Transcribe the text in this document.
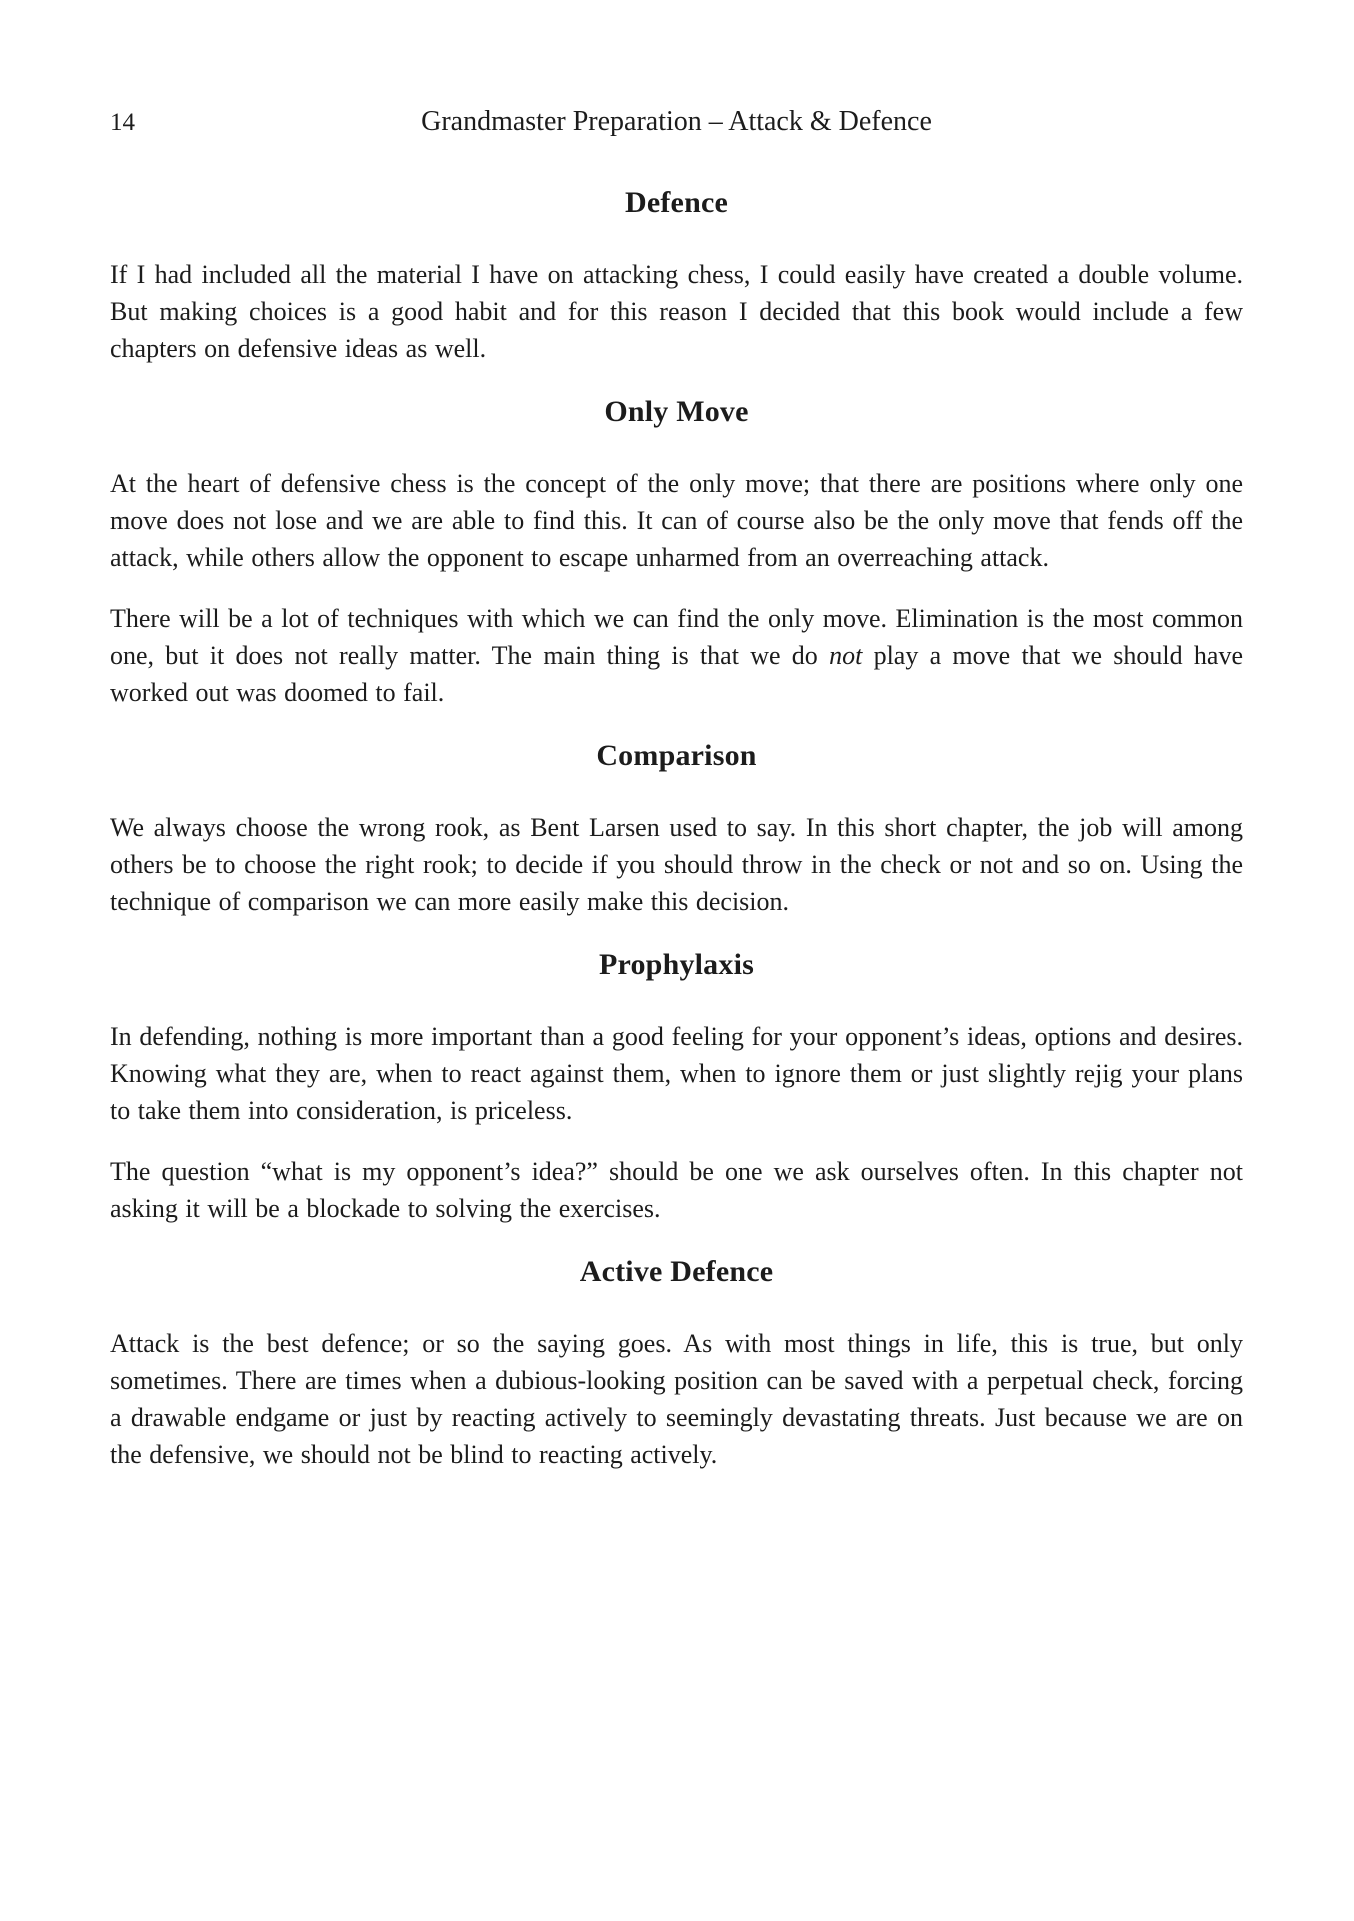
14	Grandmaster Preparation – Attack & Defence
Defence

If I had included all the material I have on attacking chess, I could easily have created a double volume. But making choices is a good habit and for this reason I decided that this book would include a few chapters on defensive ideas as well.

Only Move

At the heart of defensive chess is the concept of the only move; that there are positions where only one move does not lose and we are able to find this. It can of course also be the only move that fends off the attack, while others allow the opponent to escape unharmed from an overreaching attack.

There will be a lot of techniques with which we can find the only move. Elimination is the most common one, but it does not really matter. The main thing is that we do not play a move that we should have worked out was doomed to fail.

Comparison

We always choose the wrong rook, as Bent Larsen used to say. In this short chapter, the job will among others be to choose the right rook; to decide if you should throw in the check or not and so on. Using the technique of comparison we can more easily make this decision.

Prophylaxis

In defending, nothing is more important than a good feeling for your opponent’s ideas, options and desires. Knowing what they are, when to react against them, when to ignore them or just slightly rejig your plans to take them into consideration, is priceless.

The question “what is my opponent’s idea?” should be one we ask ourselves often. In this chapter not asking it will be a blockade to solving the exercises.

Active Defence

Attack is the best defence; or so the saying goes. As with most things in life, this is true, but only sometimes. There are times when a dubious-looking position can be saved with a perpetual check, forcing a drawable endgame or just by reacting actively to seemingly devastating threats. Just because we are on the defensive, we should not be blind to reacting actively.
